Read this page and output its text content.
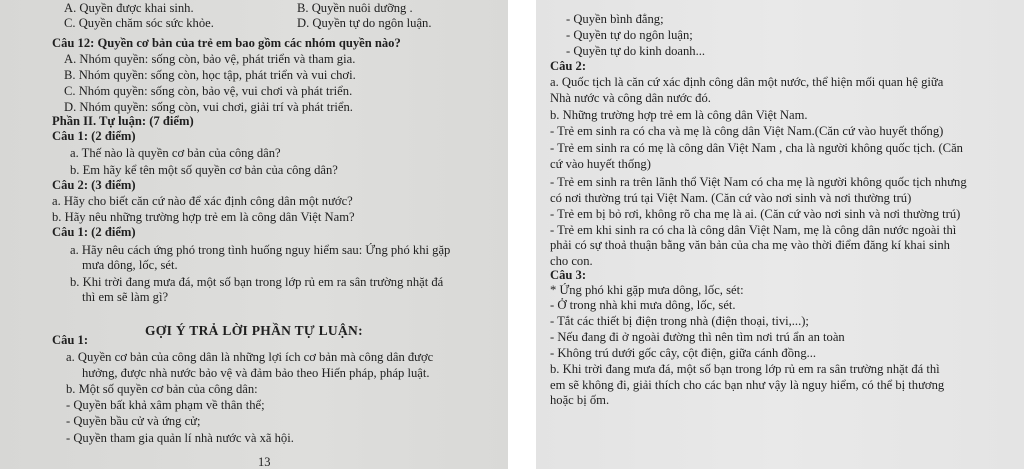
A. Quyền được khai sinh.	B. Quyền nuôi dưỡng .
C. Quyền chăm sóc sức khỏe.	D. Quyền tự do ngôn luận.
Câu 12: Quyền cơ bản của trẻ em bao gồm các nhóm quyền nào?
A. Nhóm quyền: sống còn, bảo vệ, phát triển và tham gia.
B. Nhóm quyền: sống còn, học tập, phát triển và vui chơi.
C. Nhóm quyền: sống còn, bảo vệ, vui chơi và phát triển.
D. Nhóm quyền: sống còn, vui chơi, giải trí và phát triển.
Phần II. Tự luận: (7 điểm)
Câu 1: (2 điểm)
a. Thế nào là quyền cơ bản của công dân?
b. Em hãy kể tên một số quyền cơ bản của công dân?
Câu 2: (3 điểm)
a. Hãy cho biết căn cứ nào để xác định công dân một nước?
b. Hãy nêu những trường hợp trẻ em là công dân Việt Nam?
Câu 1: (2 điểm)
a. Hãy nêu cách ứng phó trong tình huống nguy hiểm sau: Ứng phó khi gặp
mưa dông, lốc, sét.
b. Khi trời đang mưa đá, một số bạn trong lớp rủ em ra sân trường nhặt đá
thì em sẽ làm gì?
GỢI Ý TRẢ LỜI PHẦN TỰ LUẬN:
Câu 1:
a. Quyền cơ bản của công dân là những lợi ích cơ bản mà công dân được
hưởng, được nhà nước bảo vệ và đảm bảo theo Hiến pháp, pháp luật.
b. Một số quyền cơ bản của công dân:
- Quyền bất khả xâm phạm về thân thể;
- Quyền bầu cử và ứng cử;
- Quyền tham gia quản lí nhà nước và xã hội.
13
- Quyền bình đẳng;
- Quyền tự do ngôn luận;
- Quyền tự do kinh doanh...
Câu 2:
a. Quốc tịch là căn cứ xác định công dân một nước, thể hiện mối quan hệ giữa
Nhà nước và công dân nước đó.
b. Những trường hợp trẻ em là công dân Việt Nam.
- Trẻ em sinh ra có cha và mẹ là công dân Việt Nam.(Căn cứ vào huyết thống)
- Trẻ em sinh ra có mẹ là công dân Việt Nam , cha là người không quốc tịch. (Căn
cứ vào huyết thống)
- Trẻ em sinh ra trên lãnh thổ Việt Nam có cha mẹ là người không quốc tịch nhưng
có nơi thường trú tại Việt Nam. (Căn cứ vào nơi sinh và nơi thường trú)
- Trẻ em bị bỏ rơi, không rõ cha mẹ là ai. (Căn cứ vào nơi sinh và nơi thường trú)
- Trẻ em khi sinh ra có cha là công dân Việt Nam, mẹ là công dân nước ngoài thì
phải có sự thoả thuận bằng văn bản của cha mẹ vào thời điểm đăng kí khai sinh
cho con.
Câu 3:
* Ứng phó khi gặp mưa dông, lốc, sét:
- Ở trong nhà khi mưa dông, lốc, sét.
- Tắt các thiết bị điện trong nhà (điện thoại, tivi,...);
- Nếu đang đi ở ngoài đường thì nên tìm nơi trú ẩn an toàn
- Không trú dưới gốc cây, cột điện, giữa cánh đồng...
b. Khi trời đang mưa đá, một số bạn trong lớp rủ em ra sân trường nhặt đá thì
em sẽ không đi, giải thích cho các bạn như vậy là nguy hiểm, có thể bị thương
hoặc bị ốm.
